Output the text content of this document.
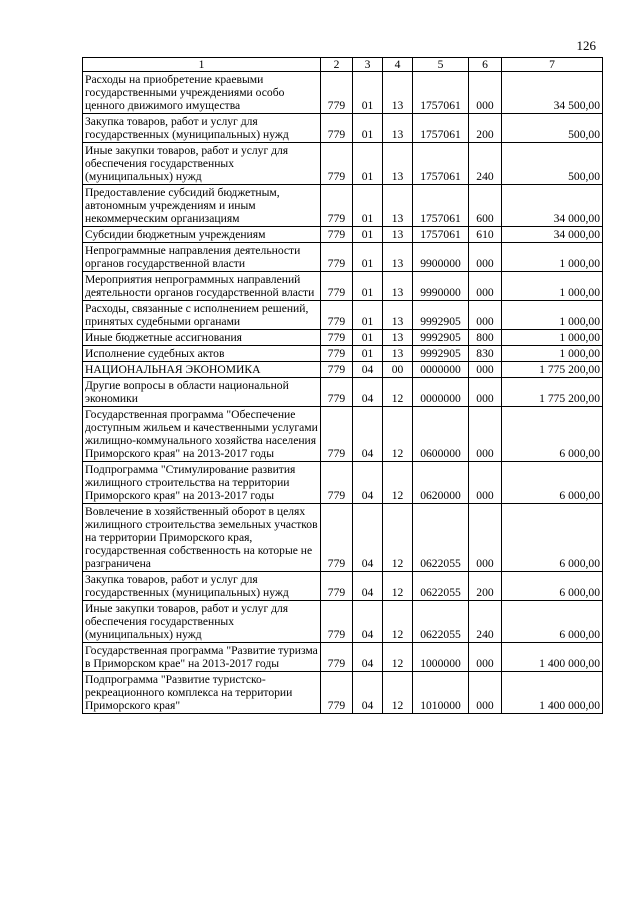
126
1	2	3	4	5	6	7
Расходы на приобретение краевыми государственными учреждениями особо ценного движимого имущества	779	01	13	1757061	000	34 500,00
Закупка товаров, работ и услуг для государственных (муниципальных) нужд	779	01	13	1757061	200	500,00
Иные закупки товаров, работ и услуг для обеспечения государственных (муниципальных) нужд	779	01	13	1757061	240	500,00
Предоставление субсидий бюджетным, автономным учреждениям и иным некоммерческим организациям	779	01	13	1757061	600	34 000,00
Субсидии бюджетным учреждениям	779	01	13	1757061	610	34 000,00
Непрограммные направления деятельности органов государственной власти	779	01	13	9900000	000	1 000,00
Мероприятия непрограммных направлений деятельности органов государственной власти	779	01	13	9990000	000	1 000,00
Расходы, связанные с исполнением решений, принятых судебными органами	779	01	13	9992905	000	1 000,00
Иные бюджетные ассигнования	779	01	13	9992905	800	1 000,00
Исполнение судебных актов	779	01	13	9992905	830	1 000,00
НАЦИОНАЛЬНАЯ ЭКОНОМИКА	779	04	00	0000000	000	1 775 200,00
Другие вопросы в области национальной экономики	779	04	12	0000000	000	1 775 200,00
Государственная программа "Обеспечение доступным жильем и качественными услугами жилищно-коммунального хозяйства населения Приморского края" на 2013-2017 годы	779	04	12	0600000	000	6 000,00
Подпрограмма "Стимулирование развития жилищного строительства на территории Приморского края" на 2013-2017 годы	779	04	12	0620000	000	6 000,00
Вовлечение в хозяйственный оборот в целях жилищного строительства земельных участков на территории Приморского края, государственная собственность на которые не разграничена	779	04	12	0622055	000	6 000,00
Закупка товаров, работ и услуг для государственных (муниципальных) нужд	779	04	12	0622055	200	6 000,00
Иные закупки товаров, работ и услуг для обеспечения государственных (муниципальных) нужд	779	04	12	0622055	240	6 000,00
Государственная программа "Развитие туризма в Приморском крае" на 2013-2017 годы	779	04	12	1000000	000	1 400 000,00
Подпрограмма "Развитие туристско-рекреационного комплекса на территории Приморского края"	779	04	12	1010000	000	1 400 000,00
